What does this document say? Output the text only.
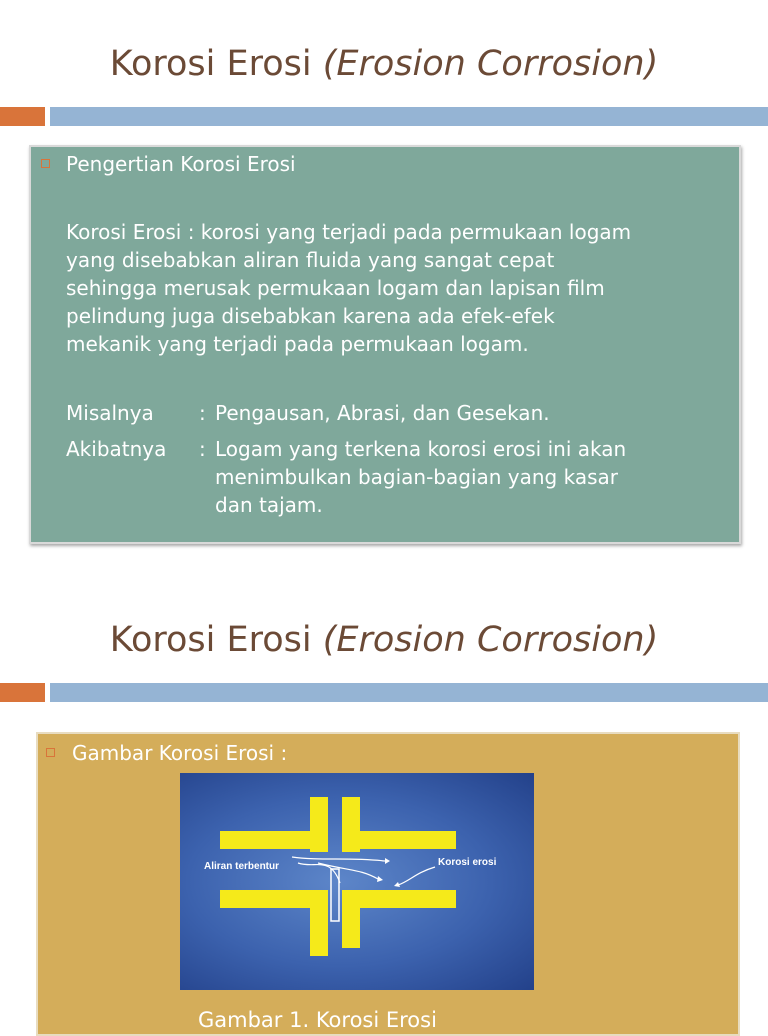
Korosi Erosi (Erosion Corrosion)
Pengertian Korosi Erosi
Korosi Erosi : korosi yang terjadi pada permukaan logam
yang disebabkan aliran fluida yang sangat cepat
sehingga merusak permukaan logam dan lapisan film
pelindung juga disebabkan karena ada efek-efek
mekanik yang terjadi pada permukaan logam.
Misalnya : Pengausan, Abrasi, dan Gesekan.
Akibatnya : Logam yang terkena korosi erosi ini akan
menimbulkan bagian-bagian yang kasar
dan tajam.
Korosi Erosi (Erosion Corrosion)
Gambar Korosi Erosi :
Gambar 1. Korosi Erosi
Aliran terbentur	Korosi erosi
